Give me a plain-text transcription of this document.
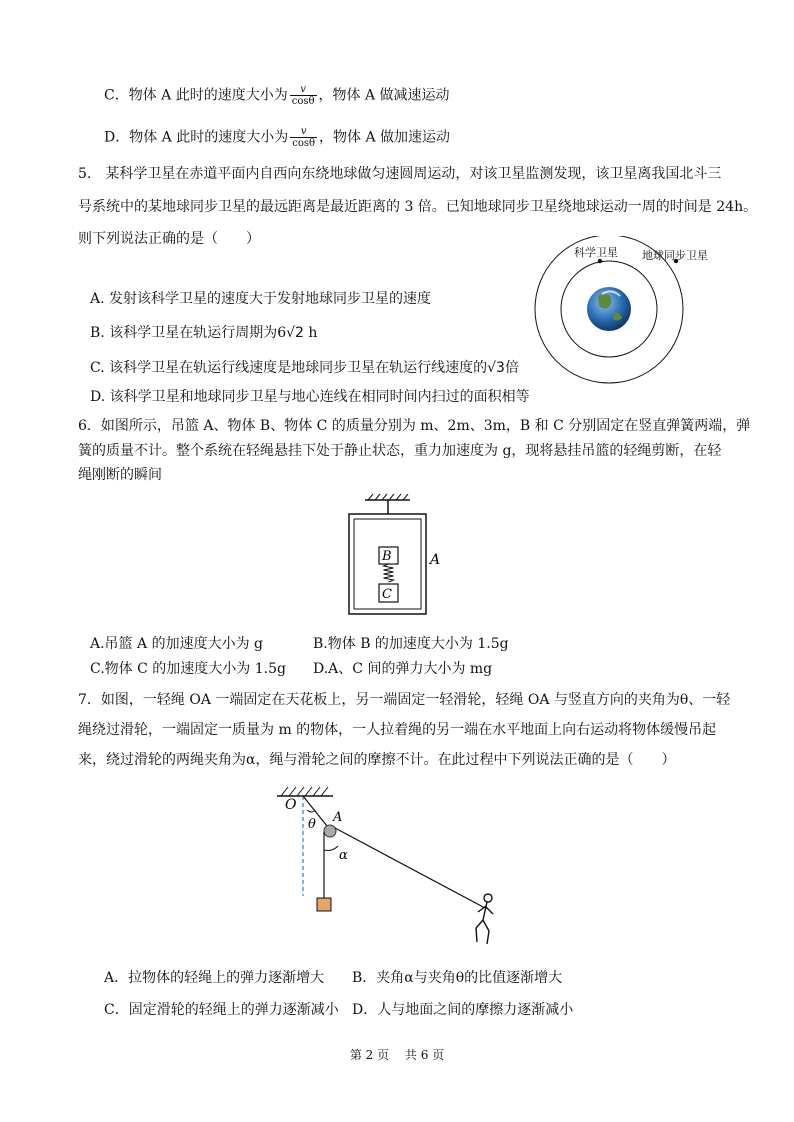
C．物体 A 此时的速度大小为 $\frac{v}{\cos\theta}$ ，物体 A 做减速运动
D．物体 A 此时的速度大小为 $\frac{v}{\cos\theta}$ ，物体 A 做加速运动
5.　某科学卫星在赤道平面内自西向东绕地球做匀速圆周运动，对该卫星监测发现，该卫星离我国北斗三
号系统中的某地球同步卫星的最远距离是最近距离的 3 倍。已知地球同步卫星绕地球运动一周的时间是 24h。
则下列说法正确的是（　　）
A. 发射该科学卫星的速度大于发射地球同步卫星的速度
B. 该科学卫星在轨运行周期为6√2 h
C. 该科学卫星在轨运行线速度是地球同步卫星在轨运行线速度的√3倍
D. 该科学卫星和地球同步卫星与地心连线在相同时间内扫过的面积相等
科学卫星 地球同步卫星
6．如图所示，吊篮 A、物体 B、物体 C 的质量分别为 m、2m、3m，B 和 C 分别固定在竖直弹簧两端，弹
簧的质量不计。整个系统在轻绳悬挂下处于静止状态，重力加速度为 g，现将悬挂吊篮的轻绳剪断，在轻
绳刚断的瞬间
B
C
A
A.吊篮 A 的加速度大小为 g	B.物体 B 的加速度大小为 1.5g
C.物体 C 的加速度大小为 1.5g D.A、C 间的弹力大小为 mg
7．如图，一轻绳 OA 一端固定在天花板上，另一端固定一轻滑轮，轻绳 OA 与竖直方向的夹角为θ、一轻
绳绕过滑轮，一端固定一质量为 m 的物体，一人拉着绳的另一端在水平地面上向右运动将物体缓慢吊起
来，绕过滑轮的两绳夹角为α，绳与滑轮之间的摩擦不计。在此过程中下列说法正确的是（　　）
O
θ A
α
A．拉物体的轻绳上的弹力逐渐增大 B．夹角α与夹角θ的比值逐渐增大
C．固定滑轮的轻绳上的弹力逐渐减小 D．人与地面之间的摩擦力逐渐减小
第 2 页 共 6 页
